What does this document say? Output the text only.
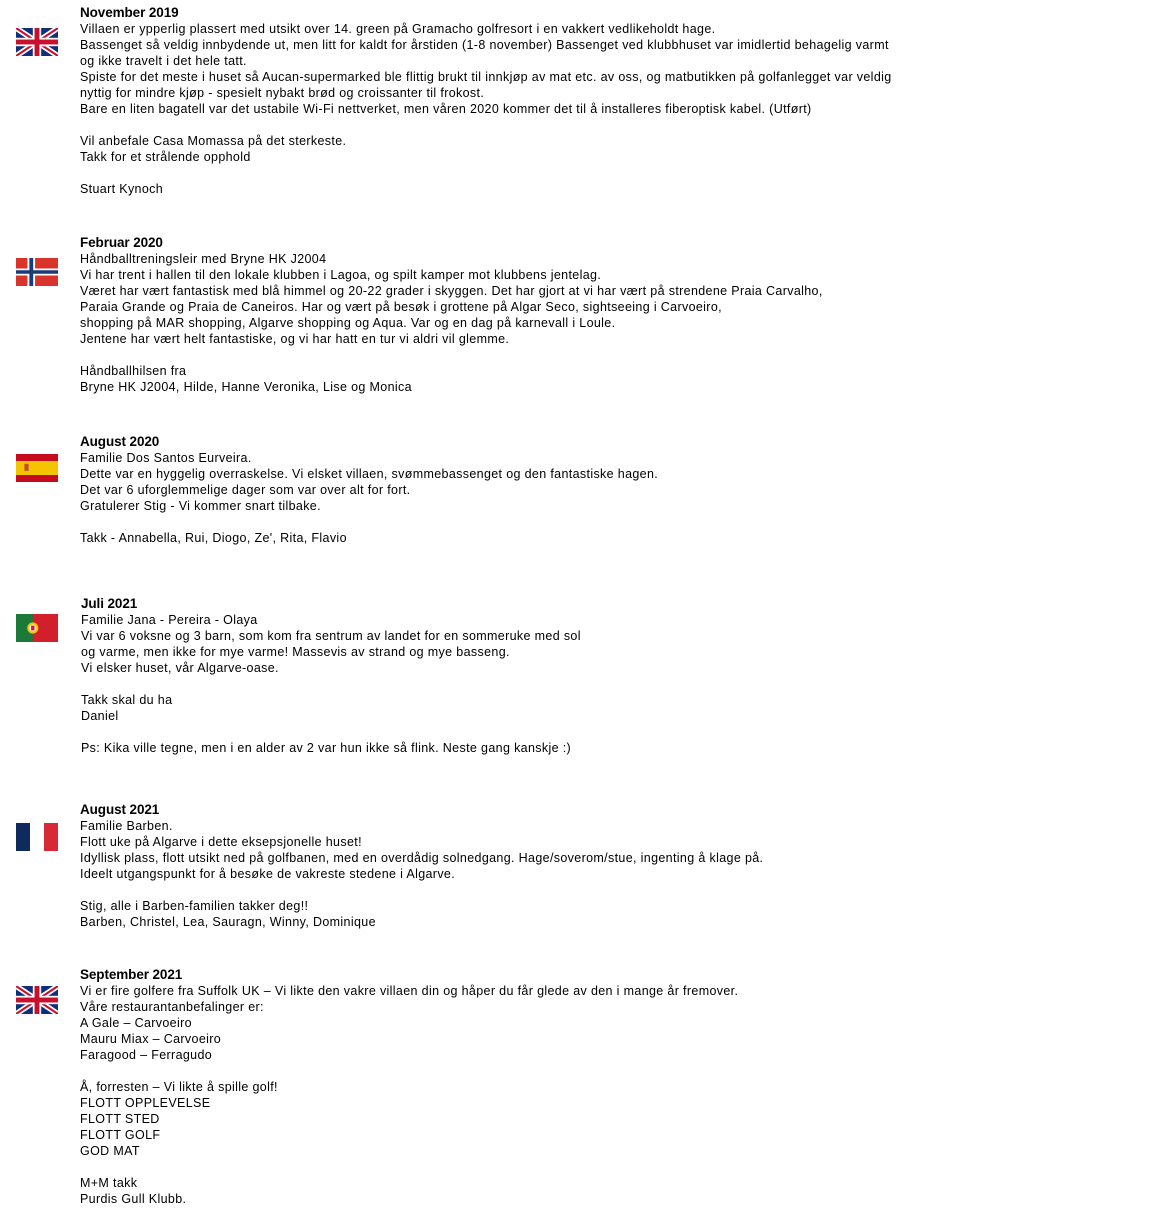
November 2019
Villaen er ypperlig plassert med utsikt over 14. green på Gramacho golfresort i en vakkert vedlikeholdt hage.
Bassenget så veldig innbydende ut, men litt for kaldt for årstiden (1-8 november) Bassenget ved klubbhuset var imidlertid behagelig varmt
og ikke travelt i det hele tatt.
Spiste for det meste i huset så Aucan-supermarked ble flittig brukt til innkjøp av mat etc. av oss, og matbutikken på golfanlegget var veldig
nyttig for mindre kjøp - spesielt nybakt brød og croissanter til frokost.
Bare en liten bagatell var det ustabile Wi-Fi nettverket, men våren 2020 kommer det til å installeres fiberoptisk kabel. (Utført)
Vil anbefale Casa Momassa på det sterkeste.
Takk for et strålende opphold
Stuart Kynoch
Februar 2020
Håndballtreningsleir med Bryne HK J2004
Vi har trent i hallen til den lokale klubben i Lagoa, og spilt kamper mot klubbens jentelag.
Været har vært fantastisk med blå himmel og 20-22 grader i skyggen. Det har gjort at vi har vært på strendene Praia Carvalho,
Paraia Grande og Praia de Caneiros. Har og vært på besøk i grottene på Algar Seco, sightseeing i Carvoeiro,
shopping på MAR shopping, Algarve shopping og Aqua. Var og en dag på karnevall i Loule.
Jentene har vært helt fantastiske, og vi har hatt en tur vi aldri vil glemme.
Håndballhilsen fra
Bryne HK J2004, Hilde, Hanne Veronika, Lise og Monica
August 2020
Familie Dos Santos Eurveira.
Dette var en hyggelig overraskelse. Vi elsket villaen, svømmebassenget og den fantastiske hagen.
Det var 6 uforglemmelige dager som var over alt for fort.
Gratulerer Stig - Vi kommer snart tilbake.
Takk - Annabella, Rui, Diogo, Ze', Rita, Flavio
Juli 2021
Familie Jana - Pereira - Olaya
Vi var 6 voksne og 3 barn, som kom fra sentrum av landet for en sommeruke med sol
og varme, men ikke for mye varme! Massevis av strand og mye basseng.
Vi elsker huset, vår Algarve-oase.
Takk skal du ha
Daniel
Ps: Kika ville tegne, men i en alder av 2 var hun ikke så flink. Neste gang kanskje :)
August 2021
Familie Barben.
Flott uke på Algarve i dette eksepsjonelle huset!
Idyllisk plass, flott utsikt ned på golfbanen, med en overdådig solnedgang. Hage/soverom/stue, ingenting å klage på.
Ideelt utgangspunkt for å besøke de vakreste stedene i Algarve.
Stig, alle i Barben-familien takker deg!!
Barben, Christel, Lea, Sauragn, Winny, Dominique
September 2021
Vi er fire golfere fra Suffolk UK – Vi likte den vakre villaen din og håper du får glede av den i mange år fremover.
Våre restaurantanbefalinger er:
A Gale – Carvoeiro
Mauru Miax – Carvoeiro
Faragood – Ferragudo
Å, forresten – Vi likte å spille golf!
FLOTT OPPLEVELSE
FLOTT STED
FLOTT GOLF
GOD MAT
M+M takk
Purdis Gull Klubb.
